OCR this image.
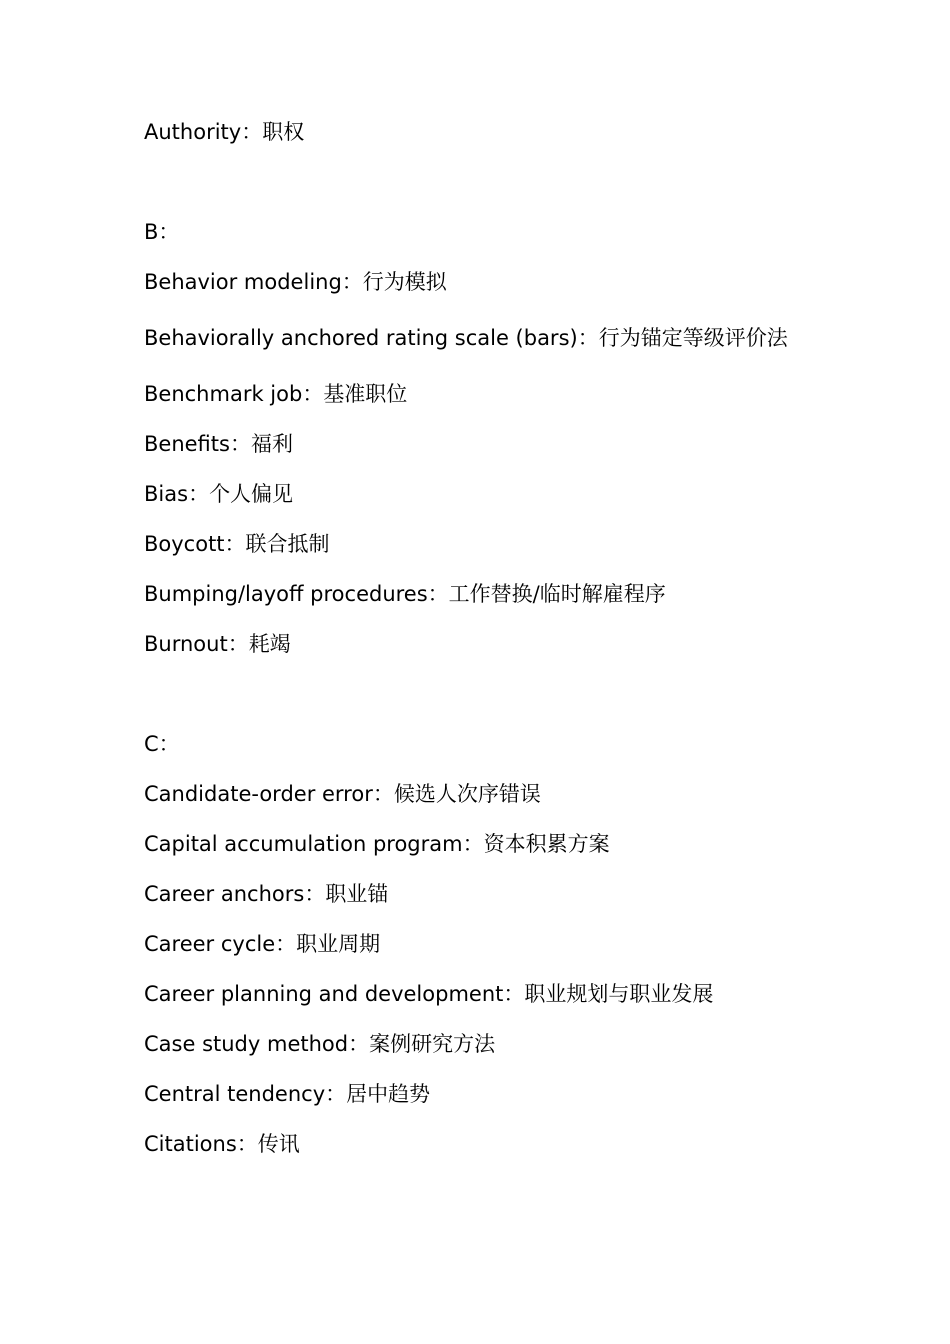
Authority：职权
B：
Behavior modeling：行为模拟
Behaviorally anchored rating scale (bars)：行为锚定等级评价法
Benchmark job：基准职位
Benefits：福利
Bias：个人偏见
Boycott：联合抵制
Bumping/layoff procedures：工作替换/临时解雇程序
Burnout：耗竭
C：
Candidate-order error：候选人次序错误
Capital accumulation program：资本积累方案
Career anchors：职业锚
Career cycle：职业周期
Career planning and development：职业规划与职业发展
Case study method：案例研究方法
Central tendency：居中趋势
Citations：传讯
